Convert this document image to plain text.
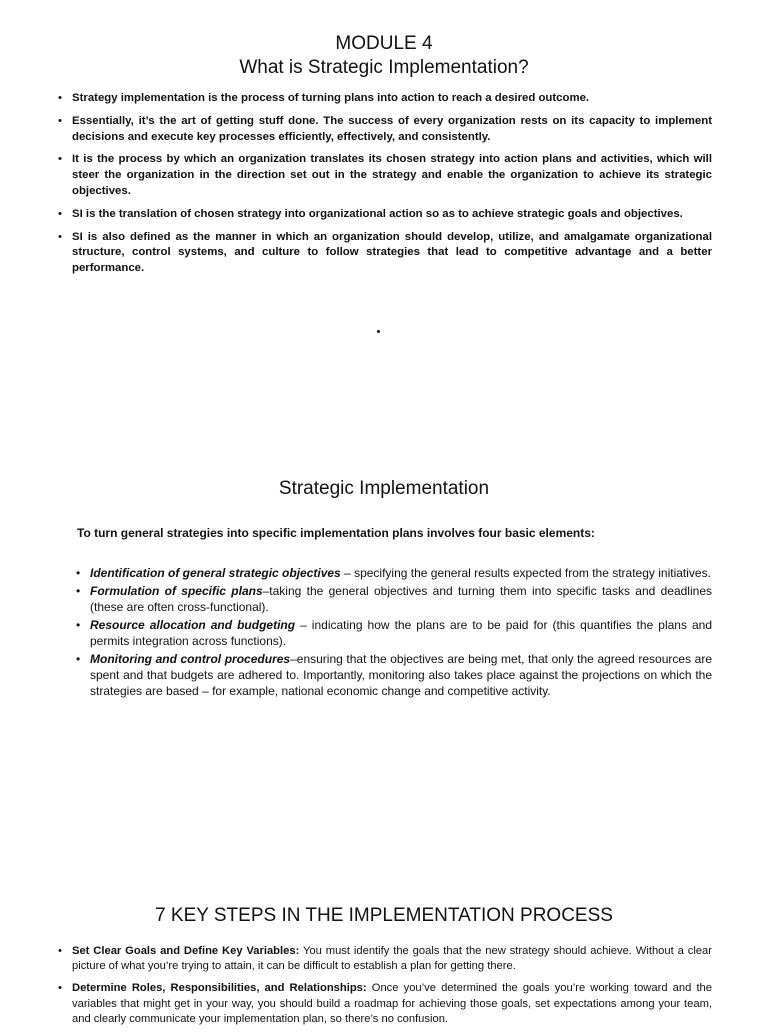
MODULE 4
What is Strategic Implementation?
• Strategy implementation is the process of turning plans into action to reach a desired outcome.
• Essentially, it’s the art of getting stuff done. The success of every organization rests on its capacity to implement decisions and execute key processes efficiently, effectively, and consistently.
• It is the process by which an organization translates its chosen strategy into action plans and activities, which will steer the organization in the direction set out in the strategy and enable the organization to achieve its strategic objectives.
• SI is the translation of chosen strategy into organizational action so as to achieve strategic goals and objectives.
• SI is also defined as the manner in which an organization should develop, utilize, and amalgamate organizational structure, control systems, and culture to follow strategies that lead to competitive advantage and a better performance.
Strategic Implementation

To turn general strategies into specific implementation plans involves four basic elements:

• Identification of general strategic objectives – specifying the general results expected from the strategy initiatives.
• Formulation of specific plans–taking the general objectives and turning them into specific tasks and deadlines (these are often cross-functional).
• Resource allocation and budgeting – indicating how the plans are to be paid for (this quantifies the plans and permits integration across functions).
• Monitoring and control procedures–ensuring that the objectives are being met, that only the agreed resources are spent and that budgets are adhered to. Importantly, monitoring also takes place against the projections on which the strategies are based – for example, national economic change and competitive activity.
7 KEY STEPS IN THE IMPLEMENTATION PROCESS
• Set Clear Goals and Define Key Variables: You must identify the goals that the new strategy should achieve. Without a clear picture of what you’re trying to attain, it can be difficult to establish a plan for getting there.
• Determine Roles, Responsibilities, and Relationships: Once you’ve determined the goals you’re working toward and the variables that might get in your way, you should build a roadmap for achieving those goals, set expectations among your team, and clearly communicate your implementation plan, so there’s no confusion.
